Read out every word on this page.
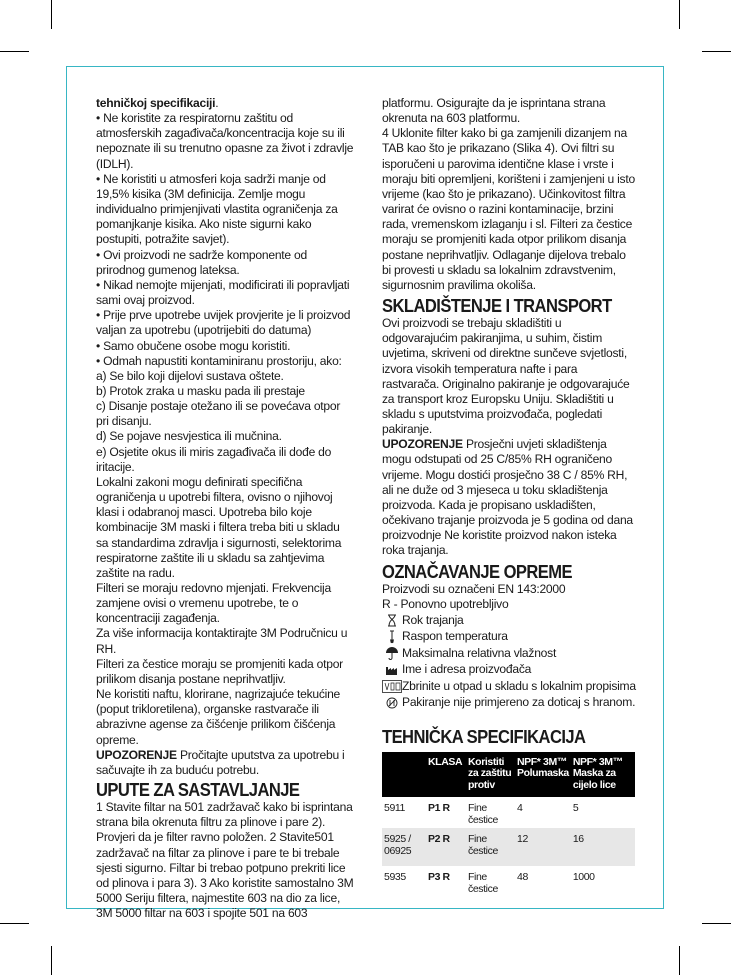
tehničkoj specifikaciji.

• Ne koristite za respiratornu zaštitu od atmosferskih zagađivača/koncentracija koje su ili nepoznate ili su trenutno opasne za život i zdravlje (IDLH).

• Ne koristiti u atmosferi koja sadrži manje od 19,5% kisika (3M definicija. Zemlje mogu individualno primjenjivati vlastita ograničenja za pomanjkanje kisika. Ako niste sigurni kako postupiti, potražite savjet).

• Ovi proizvodi ne sadrže komponente od prirodnog gumenog lateksa.

• Nikad nemojte mijenjati, modificirati ili popravljati sami ovaj proizvod.

• Prije prve upotrebe uvijek provjerite je li proizvod valjan za upotrebu (upotrijebiti do datuma)

• Samo obučene osobe mogu koristiti.

• Odmah napustiti kontaminiranu prostoriju, ako:

a) Se bilo koji dijelovi sustava oštete.

b) Protok zraka u masku pada ili prestaje

c) Disanje postaje otežano ili se povećava otpor pri disanju.

d) Se pojave nesvjestica ili mučnina.

e) Osjetite okus ili miris zagađivača ili dođe do iritacije.

Lokalni zakoni mogu definirati specifična ograničenja u upotrebi filtera, ovisno o njihovoj klasi i odabranoj masci. Upotreba bilo koje kombinacije 3M maski i filtera treba biti u skladu sa standardima zdravlja i sigurnosti, selektorima respiratorne zaštite ili u skladu sa zahtjevima zaštite na radu.

Filteri se moraju redovno mjenjati. Frekvencija zamjene ovisi o vremenu upotrebe, te o koncentraciji zagađenja.

Za više informacija kontaktirajte 3M Područnicu u RH.

Filteri za čestice moraju se promjeniti kada otpor prilikom disanja postane neprihvatljiv.

Ne koristiti naftu, klorirane, nagrizajuće tekućine (poput trikloretilena), organske rastvarače ili abrazivne agense za čišćenje prilikom čišćenja opreme.

UPOZORENJE Pročitajte uputstva za upotrebu i sačuvajte ih za buduću potrebu.

UPUTE ZA SASTAVLJANJE

1 Stavite filtar na 501 zadržavač kako bi isprintana strana bila okrenuta filtru za plinove i pare 2). Provjeri da je filter ravno položen. 2 Stavite501 zadržavač na filtar za plinove i pare te bi trebale sjesti sigurno. Filtar bi trebao potpuno prekriti lice od plinova i para 3). 3 Ako koristite samostalno 3M 5000 Seriju filtera, najmestite 603 na dio za lice, 3M 5000 filtar na 603 i spojite 501 na 603

platformu. Osigurajte da je isprintana strana okrenuta na 603 platformu.

4 Uklonite filter kako bi ga zamjenili dizanjem na TAB kao što je prikazano (Slika 4). Ovi filtri su isporučeni u parovima identične klase i vrste i moraju biti opremljeni, korišteni i zamjenjeni u isto vrijeme (kao što je prikazano). Učinkovitost filtra varirat će ovisno o razini kontaminacije, brzini rada, vremenskom izlaganju i sl. Filteri za čestice moraju se promjeniti kada otpor prilikom disanja postane neprihvatljiv. Odlaganje dijelova trebalo bi provesti u skladu sa lokalnim zdravstvenim, sigurnosnim pravilima okoliša.

SKLADIŠTENJE I TRANSPORT

Ovi proizvodi se trebaju skladištiti u odgovarajućim pakiranjima, u suhim, čistim uvjetima, skriveni od direktne sunčeve svjetlosti, izvora visokih temperatura nafte i para rastvarača. Originalno pakiranje je odgovarajuće za transport kroz Europsku Uniju. Skladištiti u skladu s uputstvima proizvođača, pogledati pakiranje.

UPOZORENJE Prosječni uvjeti skladištenja mogu odstupati od 25 C/85% RH ograničeno vrijeme. Mogu dostići prosječno 38 C / 85% RH, ali ne duže od 3 mjeseca u toku skladištenja proizvoda. Kada je propisano uskladišten, očekivano trajanje proizvoda je 5 godina od dana proizvodnje Ne koristite proizvod nakon isteka roka trajanja.

OZNAČAVANJE OPREME

Proizvodi su označeni EN 143:2000

R - Ponovno upotrebljivo

Rok trajanja
Raspon temperatura
Maksimalna relativna vlažnost
Ime i adresa proizvođača
Zbrinite u otpad u skladu s lokalnim propisima
Pakiranje nije primjereno za doticaj s hranom.
TEHNIČKA SPECIFIKACIJA
	KLASA	Koristiti za zaštitu protiv	NPF* 3M™ Polumaska	NPF* 3M™ Maska za cijelo lice
5911	P1 R	Fine čestice	4	5
5925 / 06925	P2 R	Fine čestice	12	16
5935	P3 R	Fine čestice	48	1000
